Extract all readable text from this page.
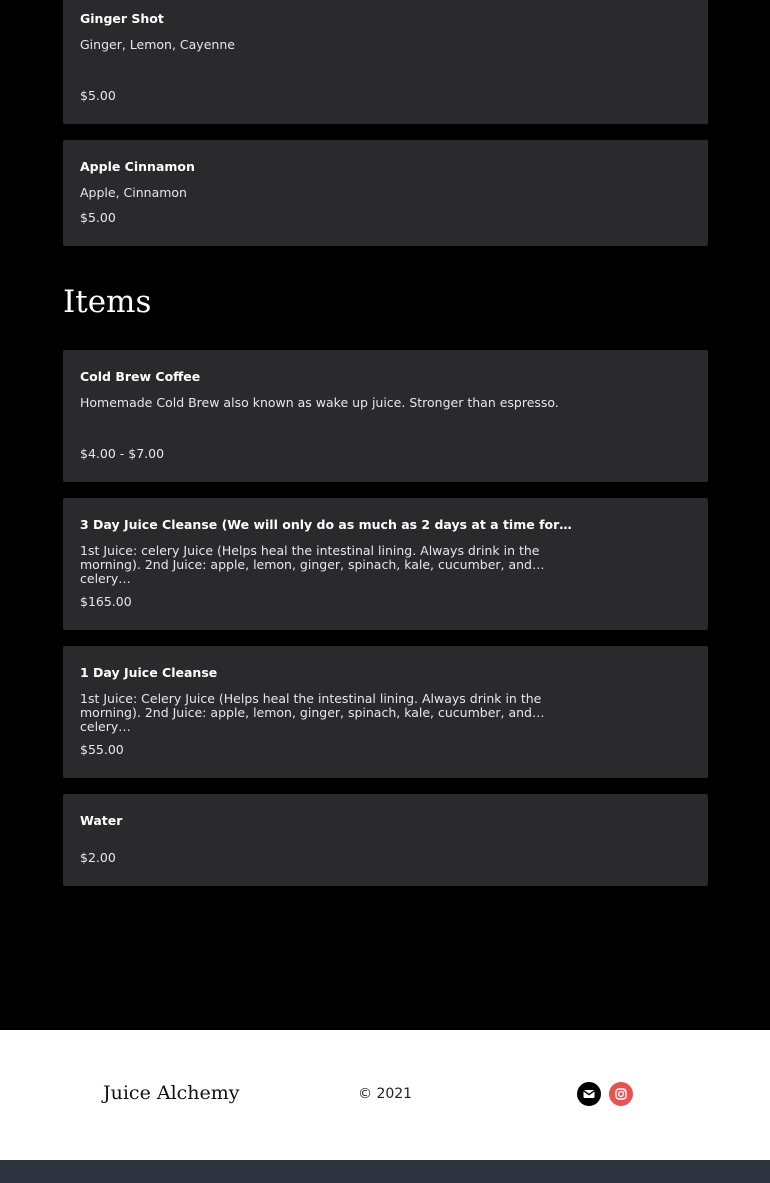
Ginger Shot
Ginger, Lemon, Cayenne
$5.00
Apple Cinnamon
Apple, Cinnamon
$5.00
Cold Brew Coffee
Homemade Cold Brew also known as wake up juice. Stronger than espresso.
$4.00 - $7.00
3 Day Juice Cleanse (We will only do as much as 2 days at a time for…
1st Juice: celery Juice (Helps heal the intestinal lining. Always drink in the morning). 2nd Juice: apple, lemon, ginger, spinach, kale, cucumber, and celery…
$165.00
1 Day Juice Cleanse
1st Juice: Celery Juice (Helps heal the intestinal lining. Always drink in the morning). 2nd Juice: apple, lemon, ginger, spinach, kale, cucumber, and celery…
$55.00
Water
$2.00
Items
Juice Alchemy	© 2021
